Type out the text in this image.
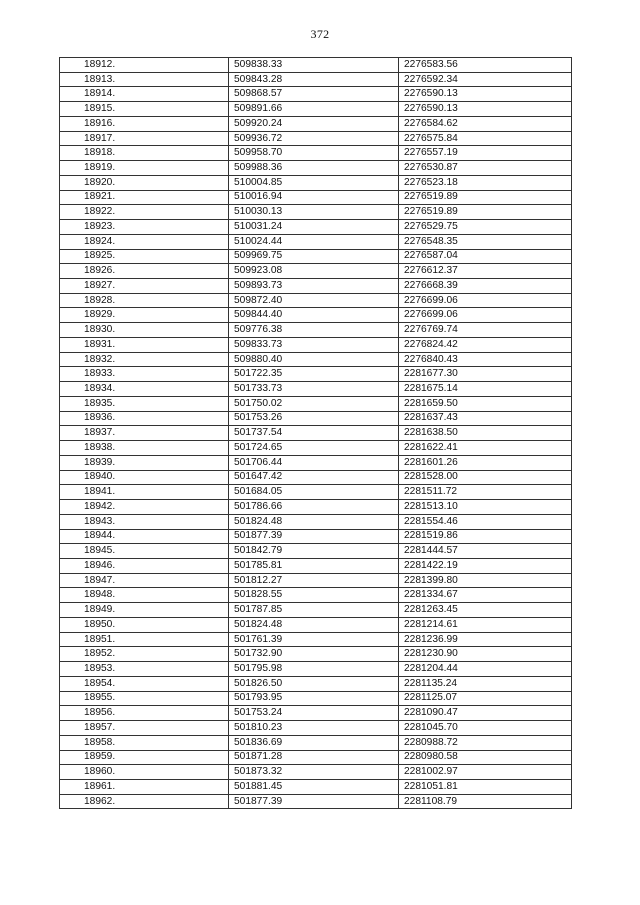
372
18912.	509838.33	2276583.56
18913.	509843.28	2276592.34
18914.	509868.57	2276590.13
18915.	509891.66	2276590.13
18916.	509920.24	2276584.62
18917.	509936.72	2276575.84
18918.	509958.70	2276557.19
18919.	509988.36	2276530.87
18920.	510004.85	2276523.18
18921.	510016.94	2276519.89
18922.	510030.13	2276519.89
18923.	510031.24	2276529.75
18924.	510024.44	2276548.35
18925.	509969.75	2276587.04
18926.	509923.08	2276612.37
18927.	509893.73	2276668.39
18928.	509872.40	2276699.06
18929.	509844.40	2276699.06
18930.	509776.38	2276769.74
18931.	509833.73	2276824.42
18932.	509880.40	2276840.43
18933.	501722.35	2281677.30
18934.	501733.73	2281675.14
18935.	501750.02	2281659.50
18936.	501753.26	2281637.43
18937.	501737.54	2281638.50
18938.	501724.65	2281622.41
18939.	501706.44	2281601.26
18940.	501647.42	2281528.00
18941.	501684.05	2281511.72
18942.	501786.66	2281513.10
18943.	501824.48	2281554.46
18944.	501877.39	2281519.86
18945.	501842.79	2281444.57
18946.	501785.81	2281422.19
18947.	501812.27	2281399.80
18948.	501828.55	2281334.67
18949.	501787.85	2281263.45
18950.	501824.48	2281214.61
18951.	501761.39	2281236.99
18952.	501732.90	2281230.90
18953.	501795.98	2281204.44
18954.	501826.50	2281135.24
18955.	501793.95	2281125.07
18956.	501753.24	2281090.47
18957.	501810.23	2281045.70
18958.	501836.69	2280988.72
18959.	501871.28	2280980.58
18960.	501873.32	2281002.97
18961.	501881.45	2281051.81
18962.	501877.39	2281108.79
